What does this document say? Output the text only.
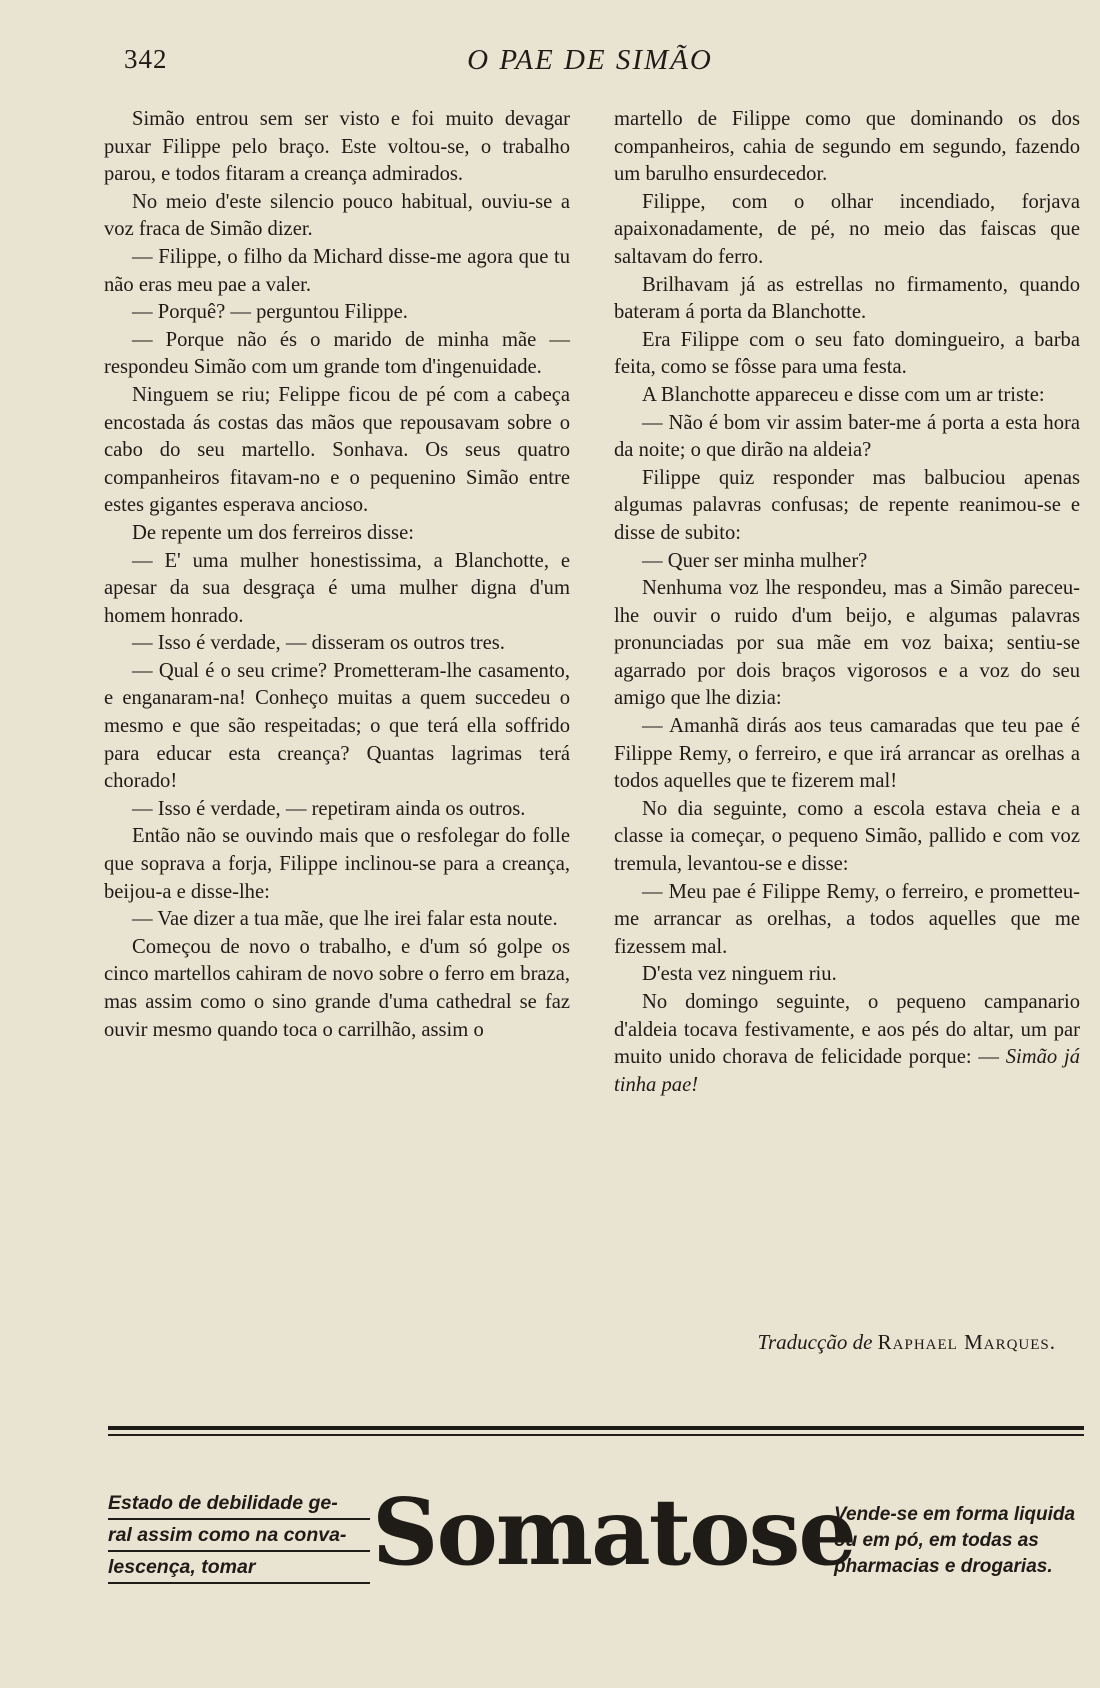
342	O PAE DE SIMÃO

Simão entrou sem ser visto e foi muito devagar puxar Filippe pelo braço. Este voltou-se, o trabalho parou, e todos fitaram a creança admirados.

No meio d'este silencio pouco habitual, ouviu-se a voz fraca de Simão dizer.

— Filippe, o filho da Michard disse-me agora que tu não eras meu pae a valer.

— Porquê? — perguntou Filippe.

— Porque não és o marido de minha mãe — respondeu Simão com um grande tom d'ingenuidade.

Ninguem se riu; Felippe ficou de pé com a cabeça encostada ás costas das mãos que repousavam sobre o cabo do seu martello. Sonhava. Os seus quatro companheiros fitavam-no e o pequenino Simão entre estes gigantes esperava ancioso.

De repente um dos ferreiros disse:

— E' uma mulher honestissima, a Blanchotte, e apesar da sua desgraça é uma mulher digna d'um homem honrado.

— Isso é verdade, — disseram os outros tres.

— Qual é o seu crime? Prometteram-lhe casamento, e enganaram-na! Conheço muitas a quem succedeu o mesmo e que são respeitadas; o que terá ella soffrido para educar esta creança? Quantas lagrimas terá chorado!

— Isso é verdade, — repetiram ainda os outros.

Então não se ouvindo mais que o resfolegar do folle que soprava a forja, Filippe inclinou-se para a creança, beijou-a e disse-lhe:

— Vae dizer a tua mãe, que lhe irei falar esta noute.

Começou de novo o trabalho, e d'um só golpe os cinco martellos cahiram de novo sobre o ferro em braza, mas assim como o sino grande d'uma cathedral se faz ouvir mesmo quando toca o carrilhão, assim o

martello de Filippe como que dominando os dos companheiros, cahia de segundo em segundo, fazendo um barulho ensurdecedor.

Filippe, com o olhar incendiado, forjava apaixonadamente, de pé, no meio das faiscas que saltavam do ferro.

Brilhavam já as estrellas no firmamento, quando bateram á porta da Blanchotte.

Era Filippe com o seu fato domingueiro, a barba feita, como se fôsse para uma festa.

A Blanchotte appareceu e disse com um ar triste:

— Não é bom vir assim bater-me á porta a esta hora da noite; o que dirão na aldeia?

Filippe quiz responder mas balbuciou apenas algumas palavras confusas; de repente reanimou-se e disse de subito:

— Quer ser minha mulher?

Nenhuma voz lhe respondeu, mas a Simão pareceu-lhe ouvir o ruido d'um beijo, e algumas palavras pronunciadas por sua mãe em voz baixa; sentiu-se agarrado por dois braços vigorosos e a voz do seu amigo que lhe dizia:

— Amanhã dirás aos teus camaradas que teu pae é Filippe Remy, o ferreiro, e que irá arrancar as orelhas a todos aquelles que te fizerem mal!

No dia seguinte, como a escola estava cheia e a classe ia começar, o pequeno Simão, pallido e com voz tremula, levantou-se e disse:

— Meu pae é Filippe Remy, o ferreiro, e prometteu-me arrancar as orelhas, a todos aquelles que me fizessem mal.

D'esta vez ninguem riu.

No domingo seguinte, o pequeno campanario d'aldeia tocava festivamente, e aos pés do altar, um par muito unido chorava de felicidade porque: — Simão já tinha pae!

Traducção de Raphael Marques.
Estado de debilidade ge-
ral assim como na conva-
lescença, tomar	Somatose
Vende-se em forma liquida ou em pó, em todas as pharmacias e drogarias.
